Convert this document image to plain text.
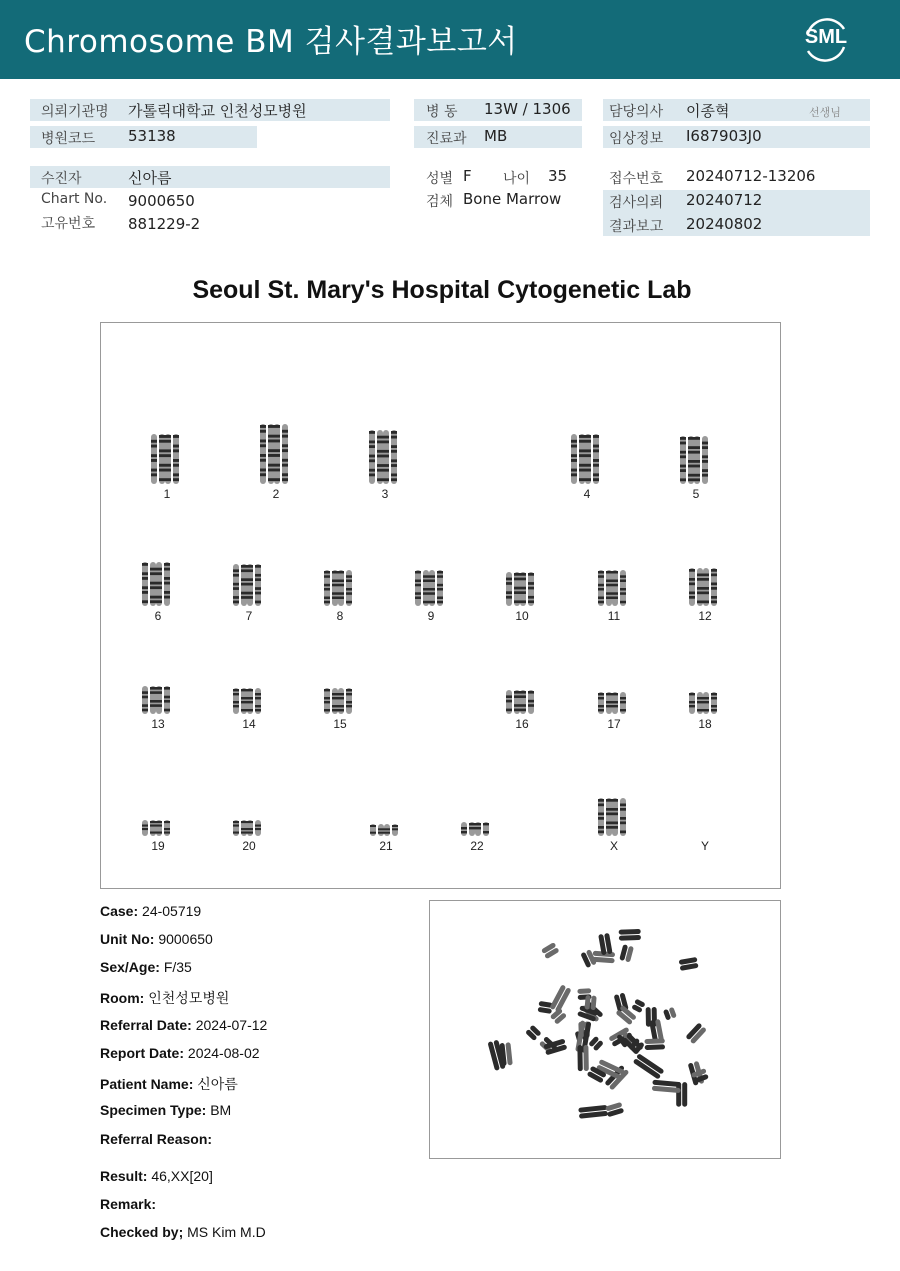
Chromosome BM 검사결과보고서	SML
의뢰기관명 가톨릭대학교 인천성모병원
병원코드 53138
병 동 13W / 1306
진료과 MB
담당의사 이종혁	선생님
임상정보 I687903J0
수진자	신아름
Chart No. 9000650
고유번호 881229-2
성별 F 나이 35
검체 Bone Marrow
접수번호 20240712-13206
검사의뢰 20240712
결과보고 20240802
Seoul St. Mary's Hospital Cytogenetic Lab
1	2	3	4	5
6	7	8	9	10	11	12
13	14	15	16	17	18
19	20	21	22	X	Y
Case: 24-05719
Unit No: 9000650
Sex/Age: F/35
Room: 인천성모병원
Referral Date: 2024-07-12
Report Date: 2024-08-02
Patient Name: 신아름
Specimen Type: BM
Referral Reason:
Result: 46,XX[20]
Remark:
Checked by; MS Kim M.D
